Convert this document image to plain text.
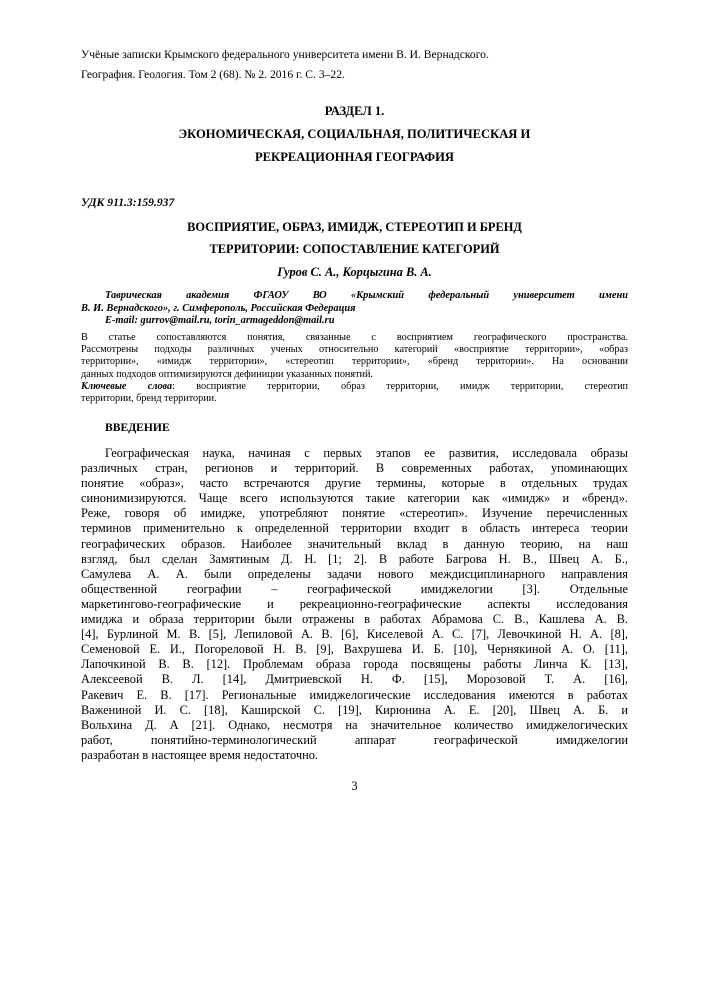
Учёные записки Крымского федерального университета имени В. И. Вернадского.
География. Геология. Том 2 (68). № 2. 2016 г. С. 3–22.
РАЗДЕЛ 1.
ЭКОНОМИЧЕСКАЯ, СОЦИАЛЬНАЯ, ПОЛИТИЧЕСКАЯ И
РЕКРЕАЦИОННАЯ ГЕОГРАФИЯ
УДК 911.3:159.937
ВОСПРИЯТИЕ, ОБРАЗ, ИМИДЖ, СТЕРЕОТИП И БРЕНД
ТЕРРИТОРИИ: СОПОСТАВЛЕНИЕ КАТЕГОРИЙ
Гуров С. А., Корцыгина В. А.
Таврическая академия ФГАОУ ВО «Крымский федеральный университет имени
В. И. Вернадского», г. Симферополь, Российская Федерация
E-mail: gurrov@mail.ru, torin_armageddon@mail.ru
В статье сопоставляются понятия, связанные с восприятием географического пространства.
Рассмотрены подходы различных ученых относительно категорий «восприятие территории», «образ
территории», «имидж территории», «стереотип территории», «бренд территории». На основании
данных подходов оптимизируются дефиниции указанных понятий.
Ключевые слова: восприятие территории, образ территории, имидж территории, стереотип
территории, бренд территории.
ВВЕДЕНИЕ
Географическая наука, начиная с первых этапов ее развития, исследовала образы
различных стран, регионов и территорий. В современных работах, упоминающих
понятие «образ», часто встречаются другие термины, которые в отдельных трудах
синонимизируются. Чаще всего используются такие категории как «имидж» и «бренд».
Реже, говоря об имидже, употребляют понятие «стереотип». Изучение перечисленных
терминов применительно к определенной территории входит в область интереса теории
географических образов. Наиболее значительный вклад в данную теорию, на наш
взгляд, был сделан Замятиным Д. Н. [1; 2]. В работе Багрова Н. В., Швец А. Б.,
Самулева А. А. были определены задачи нового междисциплинарного направления
общественной географии – географической имиджелогии [3]. Отдельные
маркетингово-географические и рекреационно-географические аспекты исследования
имиджа и образа территории были отражены в работах Абрамова С. В., Кашлева А. В.
[4], Бурлиной М. В. [5], Лепиловой А. В. [6], Киселевой А. С. [7], Левочкиной Н. А. [8],
Семеновой Е. И., Погореловой Н. В. [9], Вахрушева И. Б. [10], Чернякиной А. О. [11],
Лапочкиной В. В. [12]. Проблемам образа города посвящены работы Линча К. [13],
Алексеевой В. Л. [14], Дмитриевской Н. Ф. [15], Морозовой Т. А. [16],
Ракевич Е. В. [17]. Региональные имиджелогические исследования имеются в работах
Важениной И. С. [18], Каширской С. [19], Кирюнина А. Е. [20], Швец А. Б. и
Вольхина Д. А [21]. Однако, несмотря на значительное количество имиджелогических
работ, понятийно-терминологический аппарат географической имиджелогии
разработан в настоящее время недостаточно.
3
